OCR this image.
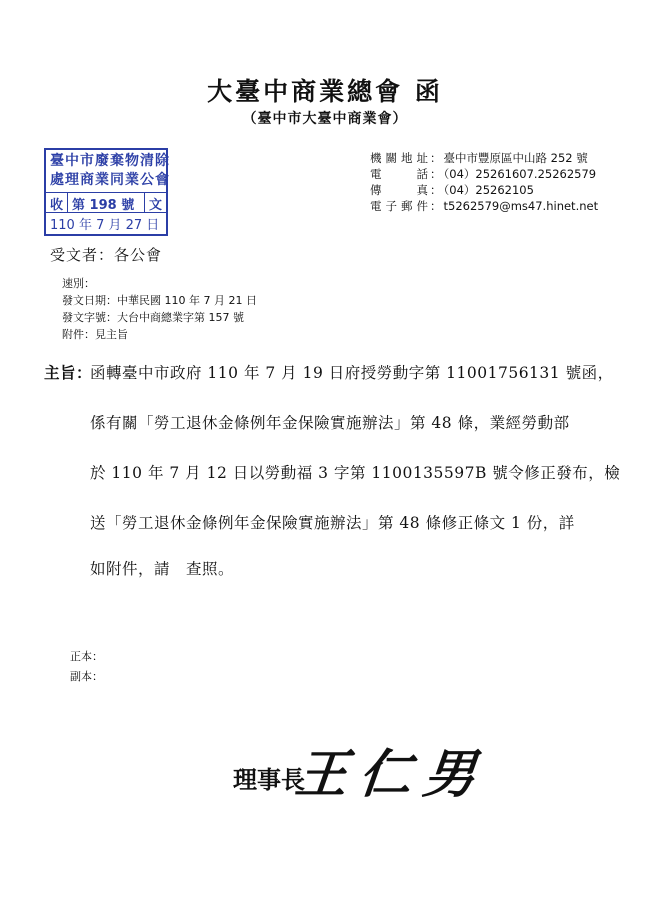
大臺中商業總會 函
（臺中市大臺中商業會）
臺中市廢棄物清除
處理商業同業公會
收 第 198 號 文
110 年 7 月 27 日
機關地址 ： 臺中市豐原區中山路 252 號
電　　話 ： （04）25261607.25262579
傳　　真 ： （04）25262105
電子郵件 ： t5262579@ms47.hinet.net
受文者：各公會
速別：
發文日期：中華民國 110 年 7 月 21 日
發文字號：大台中商總業字第 157 號
附件：見主旨
主旨：
函轉臺中市政府 110 年 7 月 19 日府授勞動字第 11001756131 號函，
係有關「勞工退休金條例年金保險實施辦法」第 48 條，業經勞動部
於 110 年 7 月 12 日以勞動福 3 字第 1100135597B 號令修正發布，檢
送「勞工退休金條例年金保險實施辦法」第 48 條修正條文 1 份，詳
如附件，請　查照。
正本：
副本：
理事長
王仁男
